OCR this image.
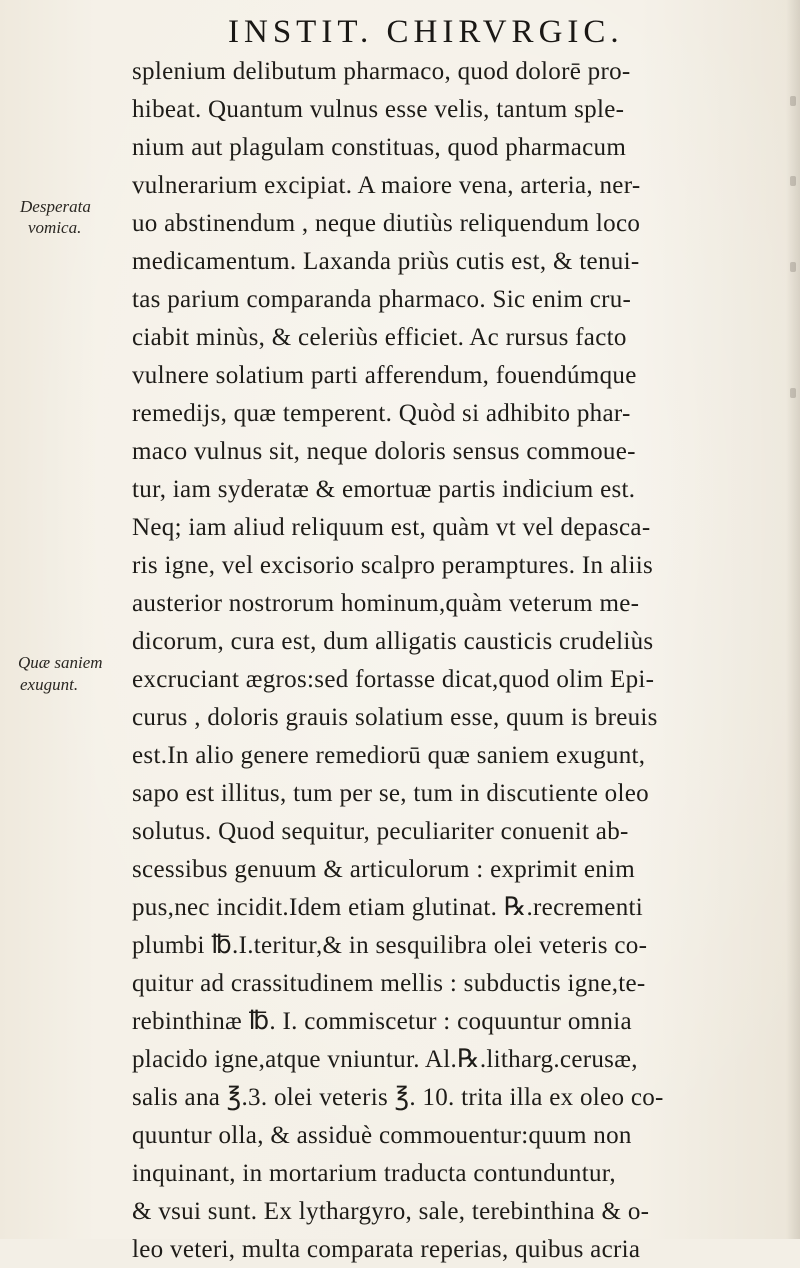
INSTIT. CHIRVRGIC.
Desperata
vomica.
Quæ saniem
exugunt.
splenium delibutum pharmaco, quod dolorē pro-
hibeat. Quantum vulnus esse velis, tantum sple-
nium aut plagulam constituas, quod pharmacum
vulnerarium excipiat. A maiore vena, arteria, ner-
uo abstinendum , neque diutiùs reliquendum loco
medicamentum. Laxanda priùs cutis est, & tenui-
tas parium comparanda pharmaco. Sic enim cru-
ciabit minùs, & celeriùs efficiet. Ac rursus facto
vulnere solatium parti afferendum, fouendúmque
remedijs, quæ temperent. Quòd si adhibito phar-
maco vulnus sit, neque doloris sensus commoue-
tur, iam syderatæ & emortuæ partis indicium est.
Neq; iam aliud reliquum est, quàm vt vel depasca-
ris igne, vel excisorio scalpro peramptures. In aliis
austerior nostrorum hominum,quàm veterum me-
dicorum, cura est, dum alligatis causticis crudeliùs
excruciant ægros:sed fortasse dicat,quod olim Epi-
curus , doloris grauis solatium esse, quum is breuis
est.In alio genere remediorū quæ saniem exugunt,
sapo est illitus, tum per se, tum in discutiente oleo
solutus. Quod sequitur, peculiariter conuenit ab-
scessibus genuum & articulorum : exprimit enim
pus,nec incidit.Idem etiam glutinat. ℞.recrementi
plumbi ℔.I.teritur,& in sesquilibra olei veteris co-
quitur ad crassitudinem mellis : subductis igne,te-
rebinthinæ ℔. I. commiscetur : coquuntur omnia
placido igne,atque vniuntur. Al.℞.litharg.cerusæ,
salis ana ℥.3. olei veteris ℥. 10. trita illa ex oleo co-
quuntur olla, & assiduè commouentur:quum non
inquinant, in mortarium traducta contunduntur,
& vsui sunt. Ex lythargyro, sale, terebinthina & o-
leo veteri, multa comparata reperias, quibus acria
